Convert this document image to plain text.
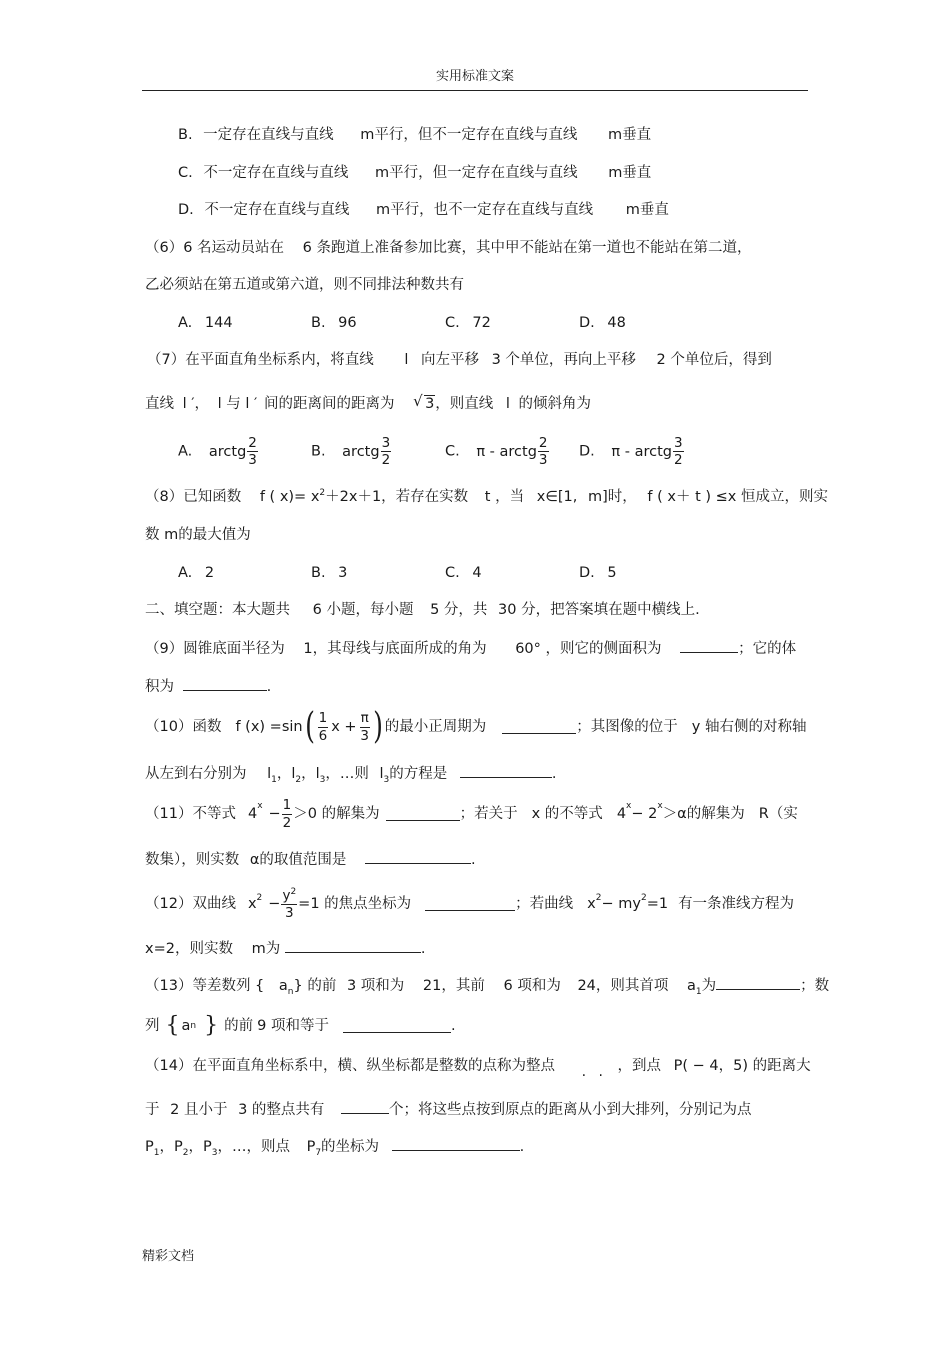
实用标准文案
B. 一定存在直线与直线 m平行，但不一定存在直线与直线 m垂直
C. 不一定存在直线与直线 m平行，但一定存在直线与直线 m垂直
D. 不一定存在直线与直线 m平行，也不一定存在直线与直线 m垂直
（6）6 名运动员站在 6 条跑道上准备参加比赛，其中甲不能站在第一道也不能站在第二道，
乙必须站在第五道或第六道，则不同排法种数共有
A. 144	B. 96	C. 72	D. 48
（7）在平面直角坐标系内，将直线 l 向左平移 3 个单位，再向上平移 2 个单位后，得到
直线 l ′， l 与 l ′ 间的距离间的距离为 √ 3，则直线 l 的倾斜角为
A. arctg $\frac{2}{3}$	B. arctg $\frac{3}{2}$	C. π - arctg $\frac{2}{3} D$. π - arctg $\frac{3}{2}$
（8）已知函数 f ( $x)= x^2+2x+1$，若存在实数 t ，当 x∈[1, m]时， f ( x＋ t ) ≤x 恒成立，则实
数 m的最大值为
A. 2	B. 3	C. 4	D. 5
二、填空题：本大题共 6 小题，每小题 5 分，共 30 分，把答案填在题中横线上.
（9）圆锥底面半径为 1，其母线与底面所成的角为 60° ，则它的侧面积为	；它的体
积为	.
（10）函数 f (x) =sin ( $\frac{1}{6}$ $x + \frac{\pi}{3}$ ) 的最小正周期为	；其图像的位于 y 轴右侧的对称轴
从左到右分别为 $l_1$，$l_2$，$l_3$，…则 $l_3$的方程是	.
（11）不等式 4 $x - \frac{1}{2} >0$ 的解集为	；若关于 x 的不等式 4 x − 2 x ＞α的解集为 R（实
数集），则实数 α的取值范围是	.
（12）双曲线 x $2 - \frac{y^2}{3} =1$ 的焦点坐标为	；若曲线 x 2 − my 2 =1 有一条准线方程为
x=2，则实数 m为	.
（13）等差数列 { $a_n$} 的前 3 项和为 21，其前 6 项和为 24，则其首项 $a_1$为	；数
列 { a n } 的前 9 项和等于	.
（14）在平面直角坐标系中，横、纵坐标都是整数的点称为整点 . . ，到点 P( − 4，5) 的距离大
于 2 且小于 3 的整点共有	个；将这些点按到原点的距离从小到大排列，分别记为点
$P_1$，$P_2$，$P_3$，…，则点 $P_7$的坐标为	.
精彩文档
